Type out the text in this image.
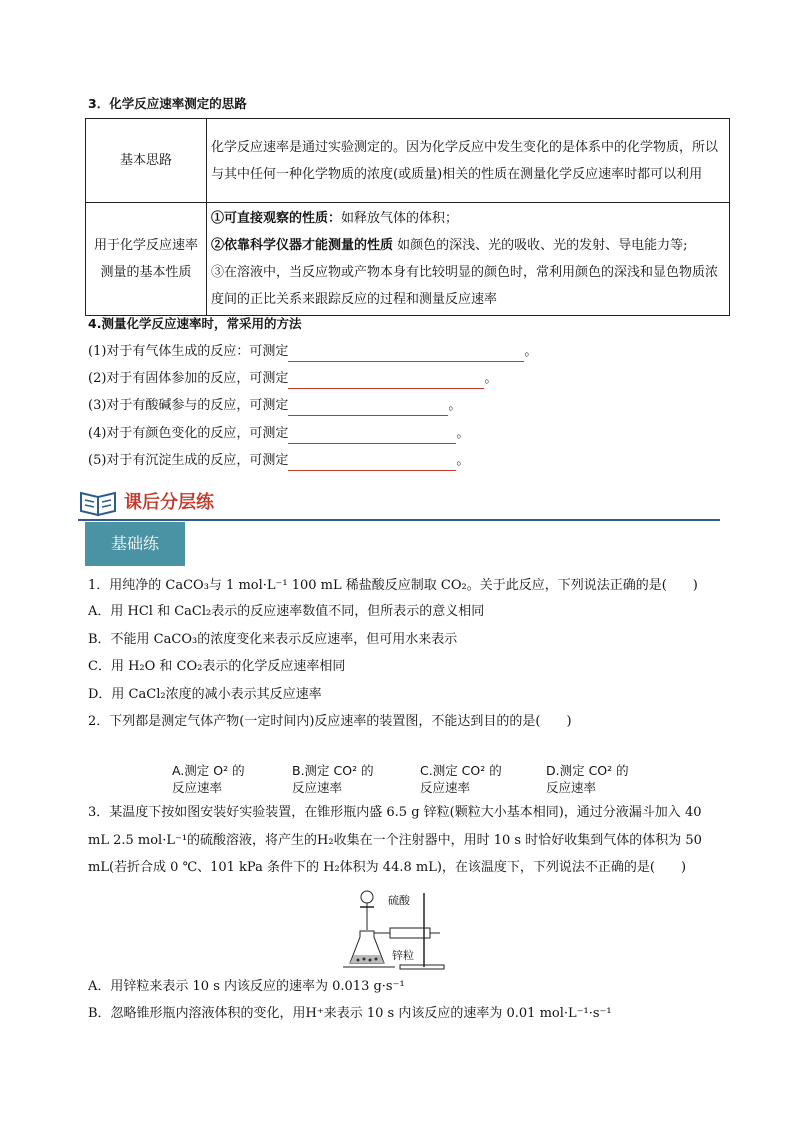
3．化学反应速率测定的思路
基本思路	化学反应速率是通过实验测定的。因为化学反应中发生变化的是体系中的化学物质，所以与其中任何一种化学物质的浓度(或质量)相关的性质在测量化学反应速率时都可以利用
用于化学反应速率测量的基本性质	①可直接观察的性质：如释放气体的体积；
②依靠科学仪器才能测量的性质 如颜色的深浅、光的吸收、光的发射、导电能力等;
③在溶液中，当反应物或产物本身有比较明显的颜色时，常利用颜色的深浅和显色物质浓度间的正比关系来跟踪反应的过程和测量反应速率
4.测量化学反应速率时，常采用的方法
(1)对于有气体生成的反应：可测定	。
(2)对于有固体参加的反应，可测定	。
(3)对于有酸碱参与的反应，可测定	。
(4)对于有颜色变化的反应，可测定	。
(5)对于有沉淀生成的反应，可测定	。
课后分层练
基础练
1．用纯净的 CaCO₃与 1 mol·L⁻¹ 100 mL 稀盐酸反应制取 CO₂。关于此反应，下列说法正确的是(　　)
A．用 HCl 和 CaCl₂表示的反应速率数值不同，但所表示的意义相同
B．不能用 CaCO₃的浓度变化来表示反应速率，但可用水来表示
C．用 H₂O 和 CO₂表示的化学反应速率相同
D．用 CaCl₂浓度的减小表示其反应速率
2．下列都是测定气体产物(一定时间内)反应速率的装置图，不能达到目的的是(　　)
A.测定 O² 的
反应速率
B.测定 CO² 的
反应速率
C.测定 CO² 的
反应速率
D.测定 CO² 的
反应速率
3．某温度下按如图安装好实验装置，在锥形瓶内盛 6.5 g 锌粒(颗粒大小基本相同)，通过分液漏斗加入 40
mL 2.5 mol·L⁻¹的硫酸溶液，将产生的H₂收集在一个注射器中，用时 10 s 时恰好收集到气体的体积为 50
mL(若折合成 0 ℃、101 kPa 条件下的 H₂体积为 44.8 mL)，在该温度下，下列说法不正确的是(　　)
硫酸
锌粒
A．用锌粒来表示 10 s 内该反应的速率为 0.013 g·s⁻¹
B．忽略锥形瓶内溶液体积的变化，用H⁺来表示 10 s 内该反应的速率为 0.01 mol·L⁻¹·s⁻¹
